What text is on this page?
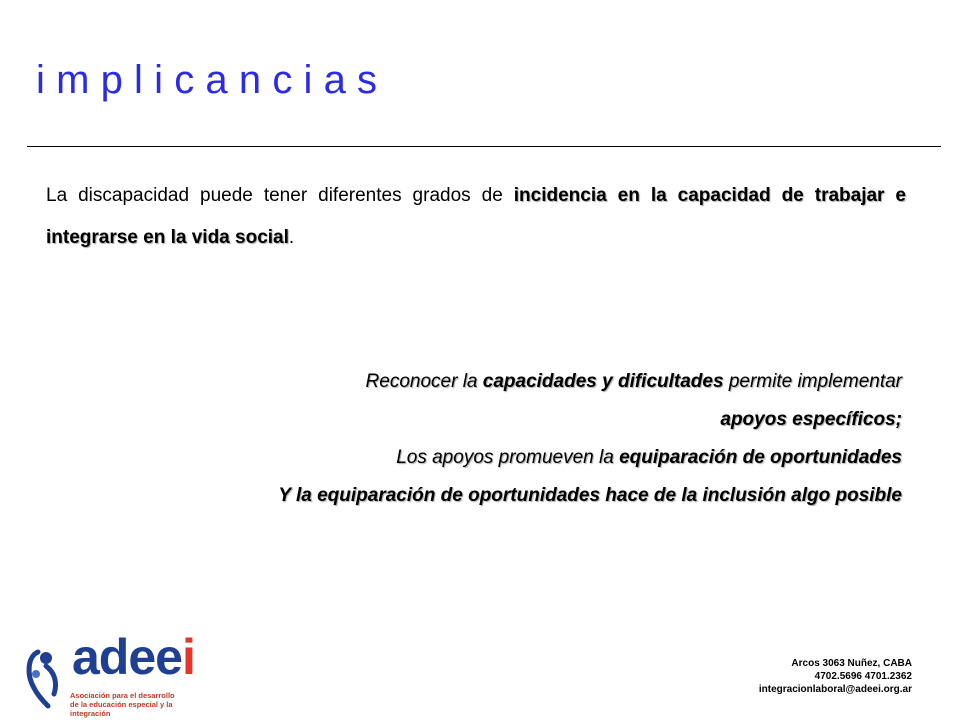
implicancias
La discapacidad puede tener diferentes grados de incidencia en la capacidad de trabajar e integrarse en la vida social.
Reconocer la capacidades y dificultades permite implementar
apoyos específicos;
Los apoyos promueven la equiparación de oportunidades
Y la equiparación de oportunidades hace de la inclusión algo posible
adeei
Asociación para el desarrollo
de la educación especial y la integración
Arcos 3063 Nuñez, CABA
4702.5696 4701.2362
integracionlaboral@adeei.org.ar
